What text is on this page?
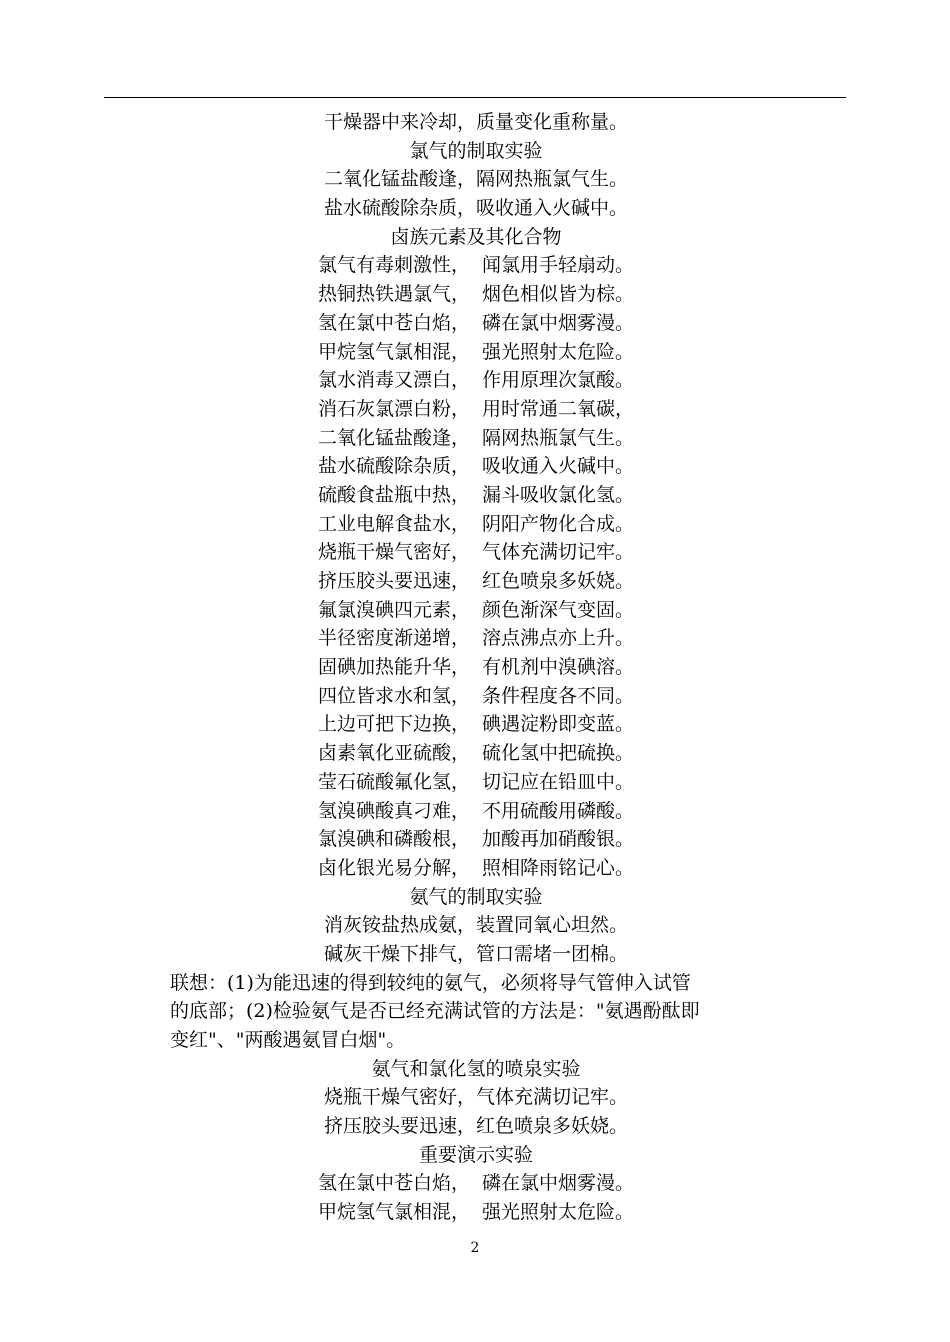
干燥器中来冷却，质量变化重称量。
氯气的制取实验
二氧化锰盐酸逢，隔网热瓶氯气生。
盐水硫酸除杂质，吸收通入火碱中。
卤族元素及其化合物
氯气有毒刺激性，  闻氯用手轻扇动。
热铜热铁遇氯气，  烟色相似皆为棕。
氢在氯中苍白焰，  磷在氯中烟雾漫。
甲烷氢气氯相混，  强光照射太危险。
氯水消毒又漂白，  作用原理次氯酸。
消石灰氯漂白粉，  用时常通二氧碳，
二氧化锰盐酸逢，  隔网热瓶氯气生。
盐水硫酸除杂质，  吸收通入火碱中。
硫酸食盐瓶中热，  漏斗吸收氯化氢。
工业电解食盐水，  阴阳产物化合成。
烧瓶干燥气密好，  气体充满切记牢。
挤压胶头要迅速，  红色喷泉多妖娆。
氟氯溴碘四元素，  颜色渐深气变固。
半径密度渐递增，  溶点沸点亦上升。
固碘加热能升华，  有机剂中溴碘溶。
四位皆求水和氢，  条件程度各不同。
上边可把下边换，  碘遇淀粉即变蓝。
卤素氧化亚硫酸，  硫化氢中把硫换。
莹石硫酸氟化氢，  切记应在铅皿中。
氢溴碘酸真刁难，  不用硫酸用磷酸。
氯溴碘和磷酸根，  加酸再加硝酸银。
卤化银光易分解，  照相降雨铭记心。
氨气的制取实验
消灰铵盐热成氨，装置同氧心坦然。
碱灰干燥下排气，管口需堵一团棉。
联想：(1)为能迅速的得到较纯的氨气，必须将导气管伸入试管
的底部；(2)检验氨气是否已经充满试管的方法是："氨遇酚酞即
变红"、"两酸遇氨冒白烟"。
氨气和氯化氢的喷泉实验
烧瓶干燥气密好，气体充满切记牢。
挤压胶头要迅速，红色喷泉多妖娆。
重要演示实验
氢在氯中苍白焰，  磷在氯中烟雾漫。
甲烷氢气氯相混，  强光照射太危险。
2
